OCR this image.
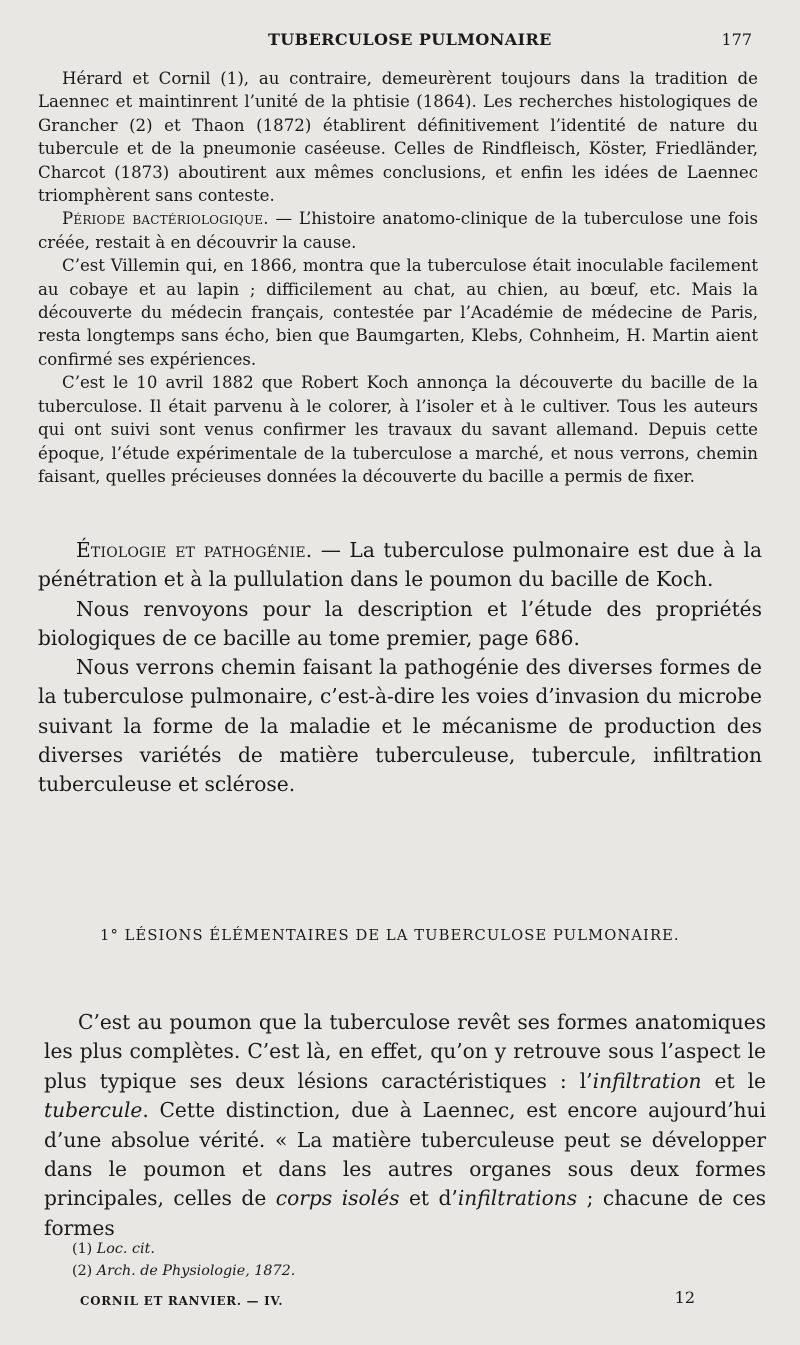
TUBERCULOSE PULMONAIRE	177

Hérard et Cornil (1), au contraire, demeurèrent toujours dans la tradition de Laennec et maintinrent l’unité de la phtisie (1864). Les recherches histologiques de Grancher (2) et Thaon (1872) établirent définitivement l’identité de nature du tubercule et de la pneumonie caséeuse. Celles de Rindfleisch, Köster, Friedländer, Charcot (1873) aboutirent aux mêmes conclusions, et enfin les idées de Laennec triomphèrent sans conteste.

Période bactériologique. — L’histoire anatomo-clinique de la tuberculose une fois créée, restait à en découvrir la cause.

C’est Villemin qui, en 1866, montra que la tuberculose était inoculable facilement au cobaye et au lapin ; difficilement au chat, au chien, au bœuf, etc. Mais la découverte du médecin français, contestée par l’Académie de médecine de Paris, resta longtemps sans écho, bien que Baumgarten, Klebs, Cohnheim, H. Martin aient confirmé ses expériences.

C’est le 10 avril 1882 que Robert Koch annonça la découverte du bacille de la tuberculose. Il était parvenu à le colorer, à l’isoler et à le cultiver. Tous les auteurs qui ont suivi sont venus confirmer les travaux du savant allemand. Depuis cette époque, l’étude expérimentale de la tuberculose a marché, et nous verrons, chemin faisant, quelles précieuses données la découverte du bacille a permis de fixer.

Étiologie et pathogénie. — La tuberculose pulmonaire est due à la pénétration et à la pullulation dans le poumon du bacille de Koch.

Nous renvoyons pour la description et l’étude des propriétés biologiques de ce bacille au tome premier, page 686.

Nous verrons chemin faisant la pathogénie des diverses formes de la tuberculose pulmonaire, c’est-à-dire les voies d’invasion du microbe suivant la forme de la maladie et le mécanisme de production des diverses variétés de matière tuberculeuse, tubercule, infiltration tuberculeuse et sclérose.

1° LÉSIONS ÉLÉMENTAIRES DE LA TUBERCULOSE PULMONAIRE.

C’est au poumon que la tuberculose revêt ses formes anatomiques les plus complètes. C’est là, en effet, qu’on y retrouve sous l’aspect le plus typique ses deux lésions caractéristiques : l’infiltration et le tubercule. Cette distinction, due à Laennec, est encore aujourd’hui d’une absolue vérité. « La matière tuberculeuse peut se développer dans le poumon et dans les autres organes sous deux formes principales, celles de corps isolés et d’infiltrations ; chacune de ces formes

(1) Loc. cit.
(2) Arch. de Physiologie, 1872.
CORNIL ET RANVIER. — IV.	12
